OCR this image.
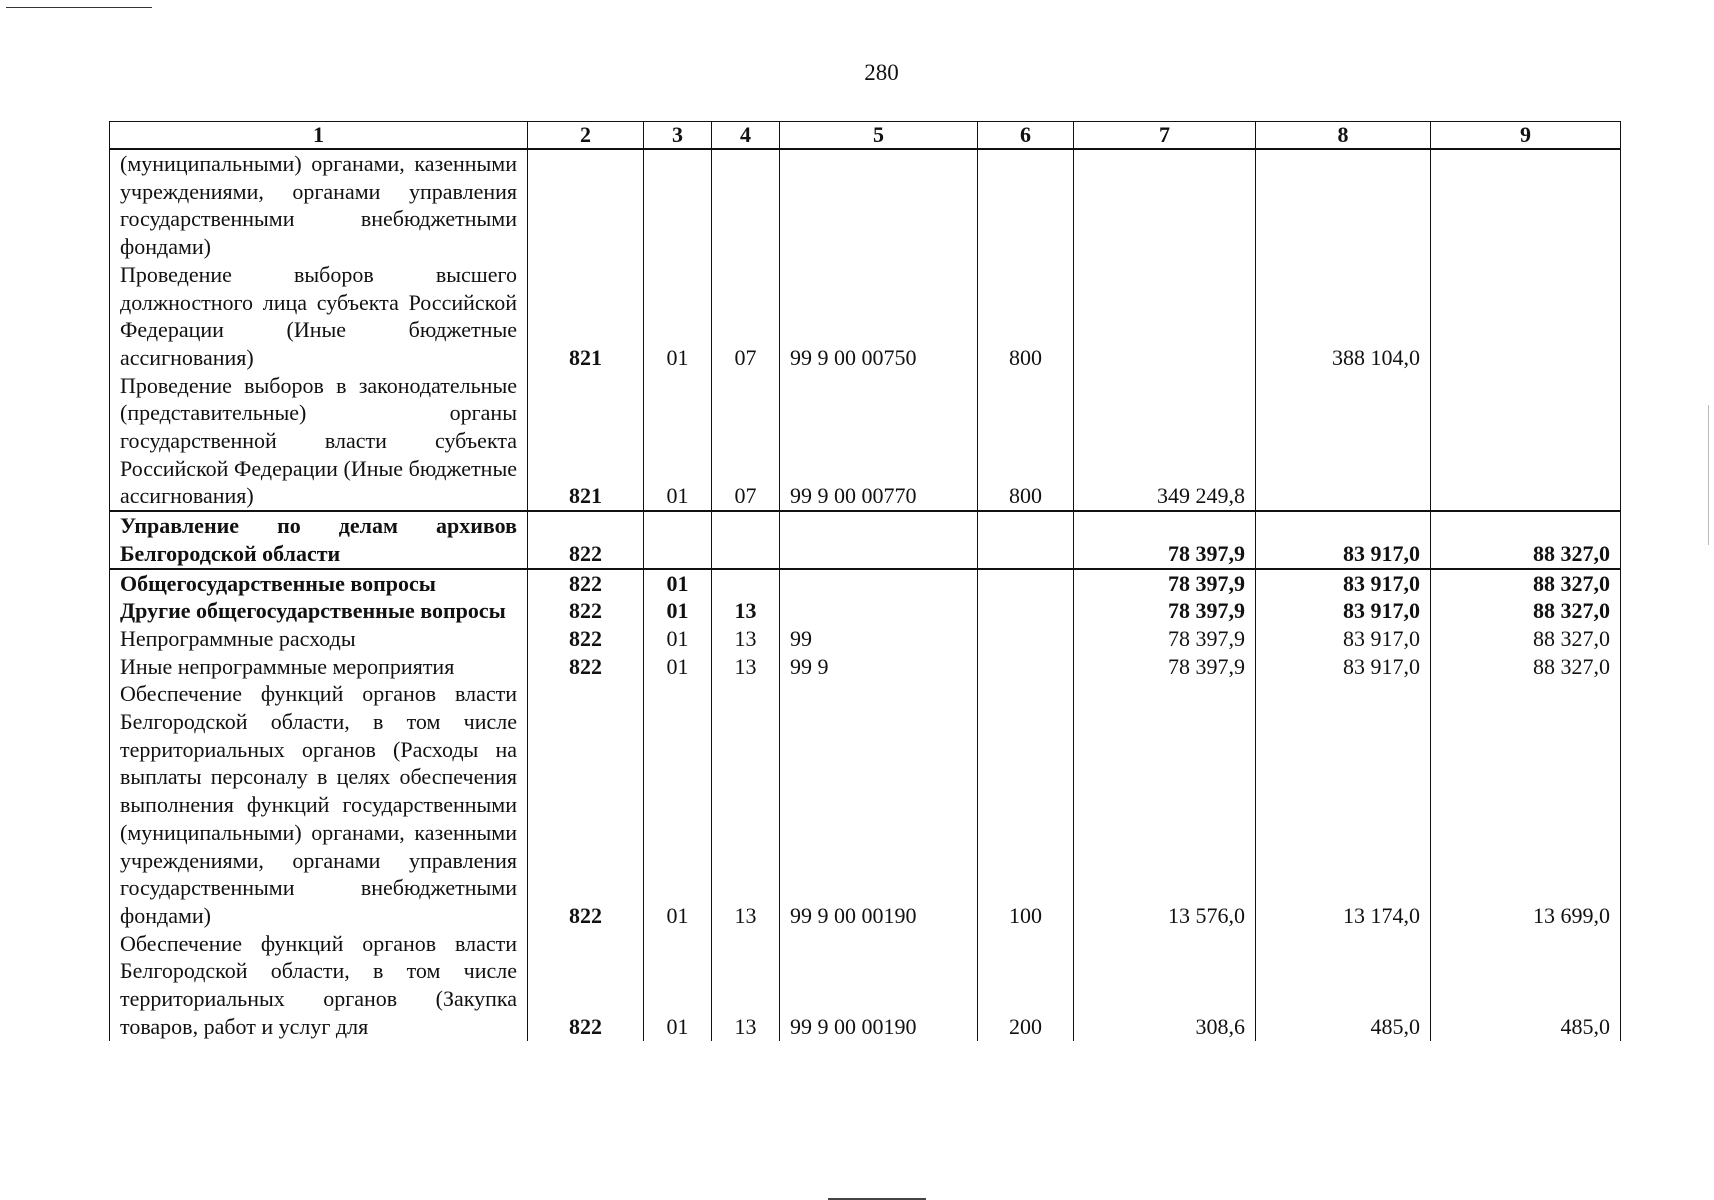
280
1	2	3	4	5	6	7	8	9
(муниципальными) органами, казенными учреждениями, органами управления государственными внебюджетными фондами)								
Проведение выборов высшего должностного лица субъекта Российской Федерации (Иные бюджетные ассигнования)	821	01	07	99 9 00 00750	800		388 104,0	
Проведение выборов в законодательные (представительные) органы государственной власти субъекта Российской Федерации (Иные бюджетные ассигнования)	821	01	07	99 9 00 00770	800	349 249,8		
Управление по делам архивов Белгородской области	822					78 397,9	83 917,0	88 327,0
Общегосударственные вопросы	822	01				78 397,9	83 917,0	88 327,0
Другие общегосударственные вопросы	822	01	13			78 397,9	83 917,0	88 327,0
Непрограммные расходы	822	01	13	99		78 397,9	83 917,0	88 327,0
Иные непрограммные мероприятия	822	01	13	99 9		78 397,9	83 917,0	88 327,0
Обеспечение функций органов власти Белгородской области, в том числе территориальных органов (Расходы на выплаты персоналу в целях обеспечения выполнения функций государственными (муниципальными) органами, казенными учреждениями, органами управления государственными внебюджетными фондами)	822	01	13	99 9 00 00190	100	13 576,0	13 174,0	13 699,0
Обеспечение функций органов власти Белгородской области, в том числе территориальных органов (Закупка товаров, работ и услуг для	822	01	13	99 9 00 00190	200	308,6	485,0	485,0
